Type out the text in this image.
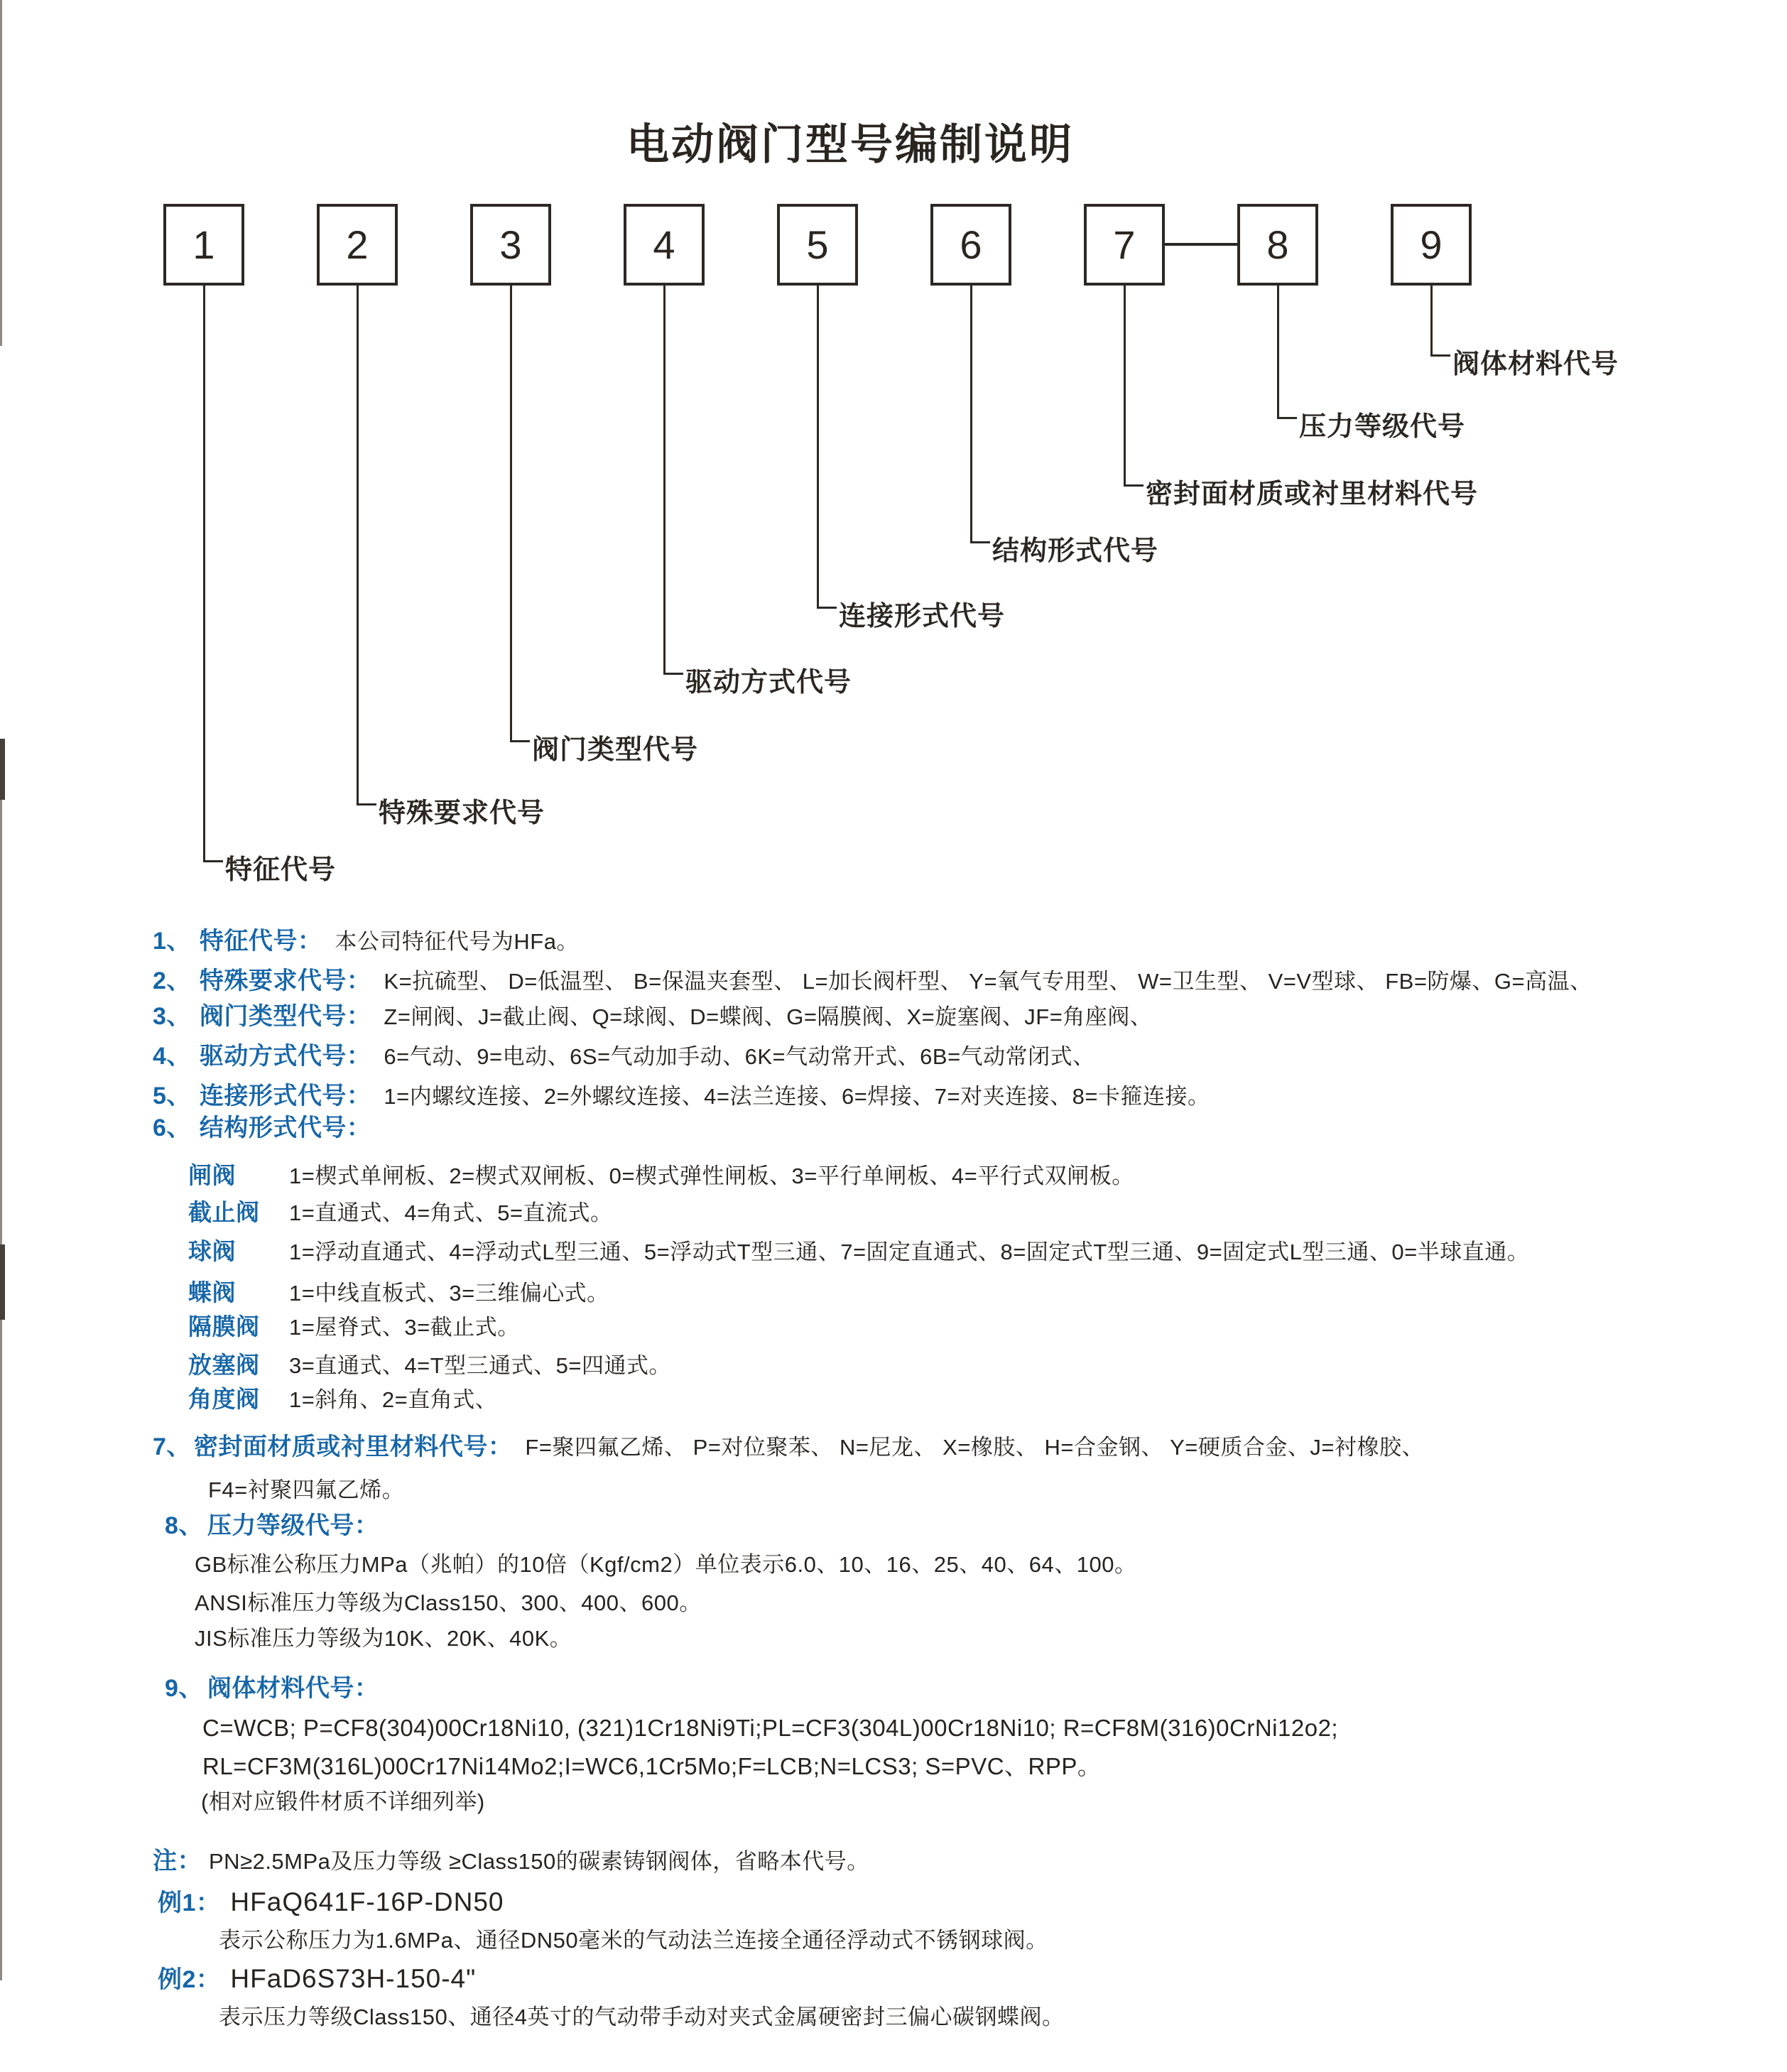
电动阀门型号编制说明
1	2	3	4	5	6	7	8	9
特征代号
特殊要求代号
阀门类型代号
驱动方式代号
连接形式代号
结构形式代号
密封面材质或衬里材料代号
压力等级代号
阀体材料代号
1、 特征代号： 本公司特征代号为HFa。
2、 特殊要求代号： K=抗硫型、 D=低温型、 B=保温夹套型、 L=加长阀杆型、 Y=氧气专用型、 W=卫生型、 V=V型球、 FB=防爆、G=高温、
3、 阀门类型代号： Z=闸阀、J=截止阀、Q=球阀、D=蝶阀、G=隔膜阀、X=旋塞阀、JF=角座阀、
4、 驱动方式代号： 6=气动、9=电动、6S=气动加手动、6K=气动常开式、6B=气动常闭式、
5、 连接形式代号： 1=内螺纹连接、2=外螺纹连接、4=法兰连接、6=焊接、7=对夹连接、8=卡箍连接。
6、 结构形式代号：
闸阀 1=楔式单闸板、2=楔式双闸板、0=楔式弹性闸板、3=平行单闸板、4=平行式双闸板。
截止阀 1=直通式、4=角式、5=直流式。
球阀 1=浮动直通式、4=浮动式L型三通、5=浮动式T型三通、7=固定直通式、8=固定式T型三通、9=固定式L型三通、0=半球直通。
蝶阀 1=中线直板式、3=三维偏心式。
隔膜阀 1=屋脊式、3=截止式。
放塞阀 3=直通式、4=T型三通式、5=四通式。
角度阀 1=斜角、2=直角式、
7、 密封面材质或衬里材料代号： F=聚四氟乙烯、 P=对位聚苯、 N=尼龙、 X=橡肢、 H=合金钢、 Y=硬质合金、J=衬橡胶、
F4=衬聚四氟乙烯。
8、 压力等级代号：
GB标准公称压力MPa（兆帕）的10倍（Kgf/cm2）单位表示6.0、10、16、25、40、64、100。
ANSI标准压力等级为Class150、300、400、600。
JIS标准压力等级为10K、20K、40K。
9、 阀体材料代号：
C=WCB; P=CF8(304)00Cr18Ni10, (321)1Cr18Ni9Ti;PL=CF3(304L)00Cr18Ni10; R=CF8M(316)0CrNi12o2;
RL=CF3M(316L)00Cr17Ni14Mo2;I=WC6,1Cr5Mo;F=LCB;N=LCS3; S=PVC、RPP。
(相对应锻件材质不详细列举)
注： PN≥2.5MPa及压力等级 ≥Class150的碳素铸钢阀体，省略本代号。
例1： HFaQ641F-16P-DN50
表示公称压力为1.6MPa、通径DN50毫米的气动法兰连接全通径浮动式不锈钢球阀。
例2： HFaD6S73H-150-4"
表示压力等级Class150、通径4英寸的气动带手动对夹式金属硬密封三偏心碳钢蝶阀。
